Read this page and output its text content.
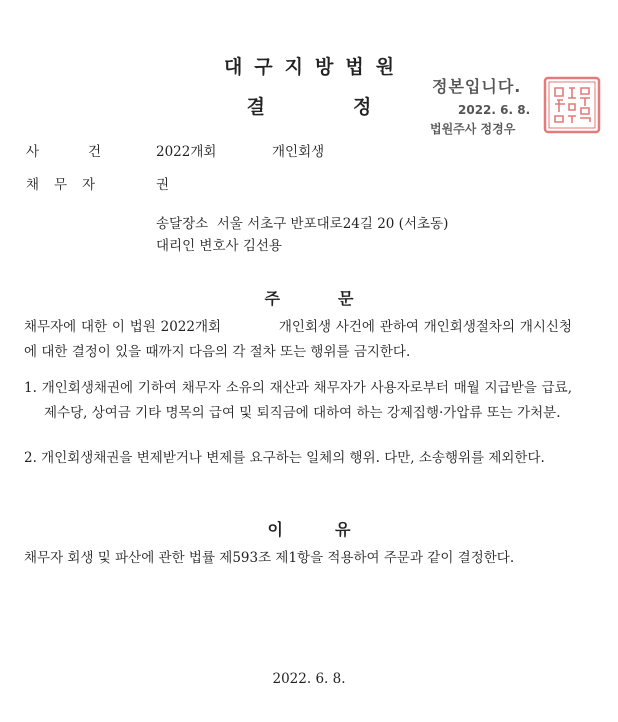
대구지방법원
결	정
정본입니다.
2022. 6. 8.
법원주사 정경우
사	건	2022개회	개인회생
채 무 자	권
송달장소  서울 서초구 반포대로24길 20 (서초동)
대리인 변호사 김선용
주	문
채무자에 대한 이 법원 2022개회            개인회생 사건에 관하여 개인회생절차의 개시신청에 대한 결정이 있을 때까지 다음의 각 절차 또는 행위를 금지한다.
1. 개인회생채권에 기하여 채무자 소유의 재산과 채무자가 사용자로부터 매월 지급받을 급료, 제수당, 상여금 기타 명목의 급여 및 퇴직금에 대하여 하는 강제집행·가압류 또는 가처분.
2. 개인회생채권을 변제받거나 변제를 요구하는 일체의 행위. 다만, 소송행위를 제외한다.
이	유
채무자 회생 및 파산에 관한 법률 제593조 제1항을 적용하여 주문과 같이 결정한다.
2022. 6. 8.
